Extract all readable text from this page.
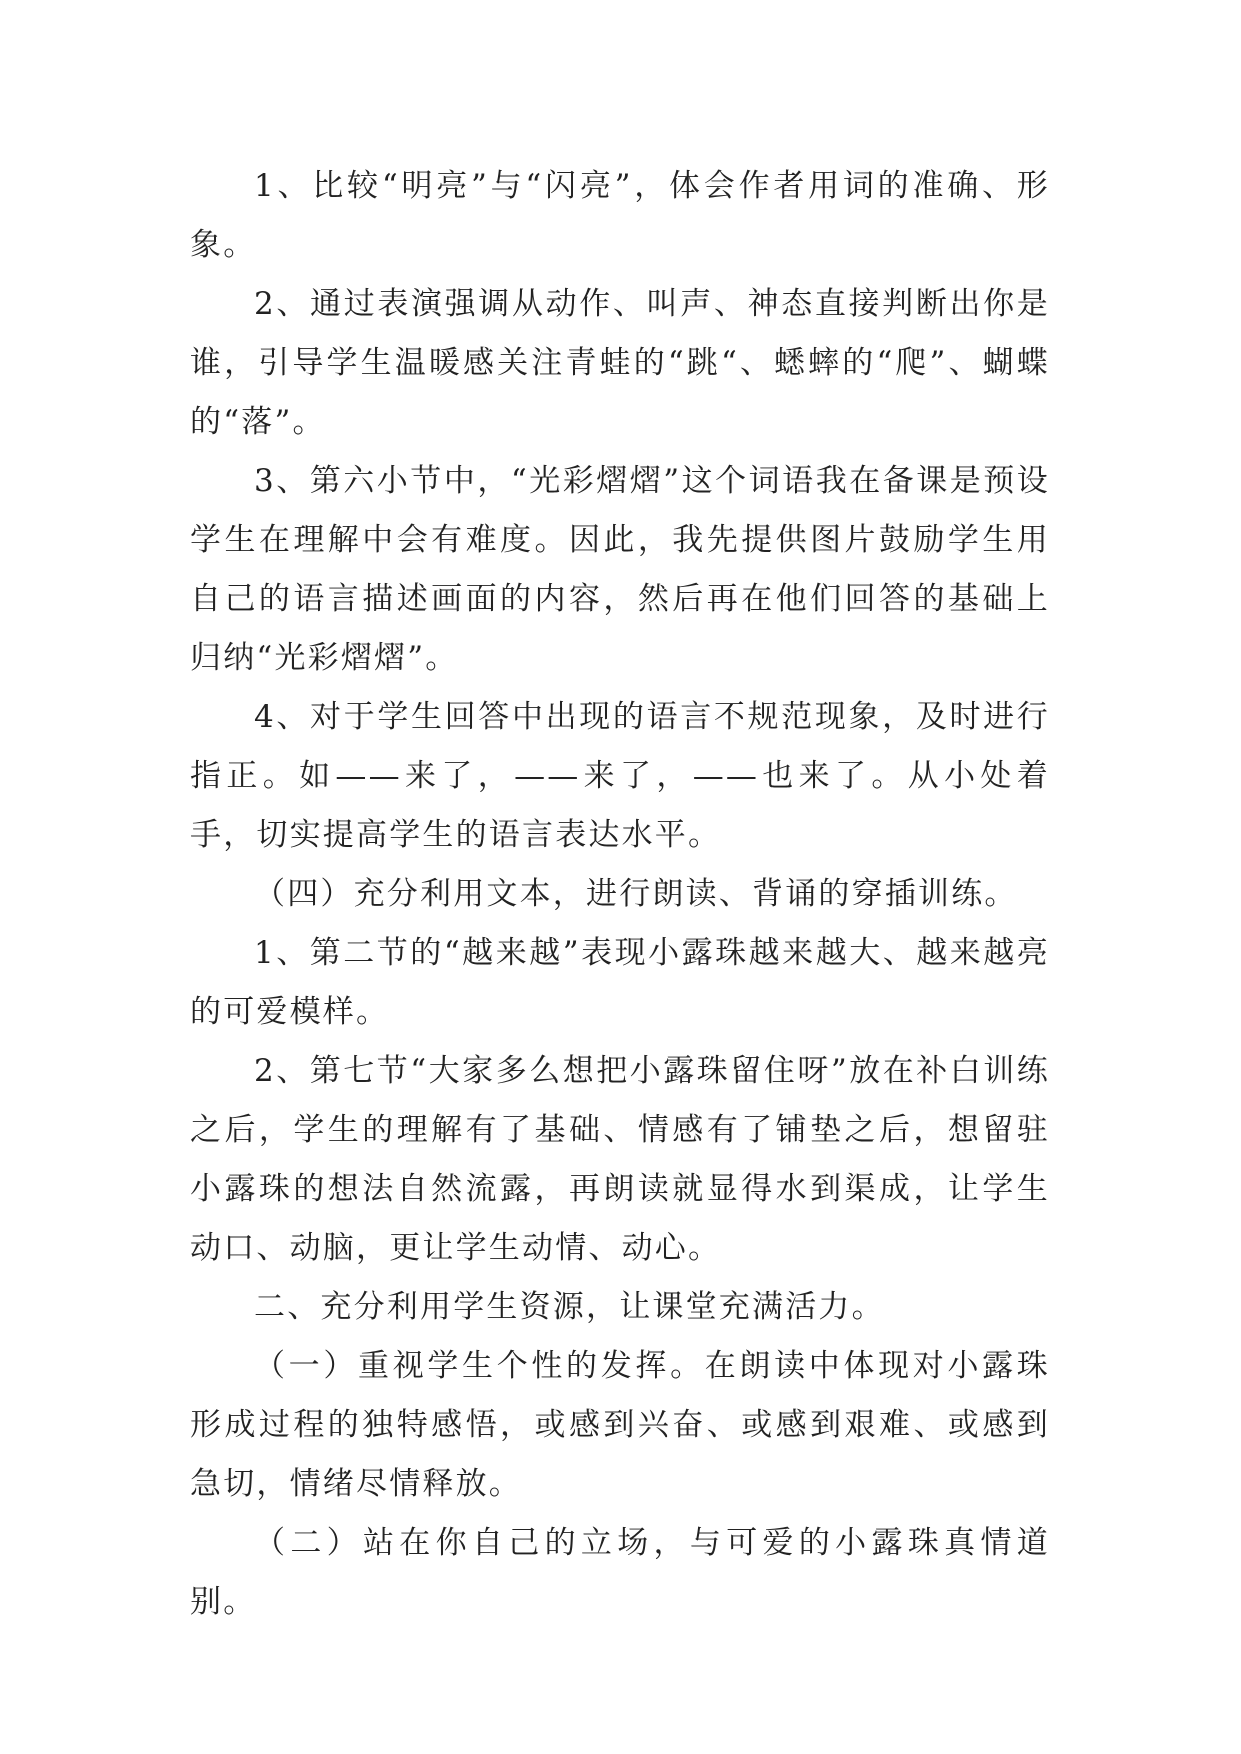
1、比较“明亮”与“闪亮”，体会作者用词的准确、形象。

2、通过表演强调从动作、叫声、神态直接判断出你是谁，引导学生温暖感关注青蛙的“跳“、蟋蟀的“爬”、蝴蝶的“落”。

3、第六小节中，“光彩熠熠”这个词语我在备课是预设学生在理解中会有难度。因此，我先提供图片鼓励学生用自己的语言描述画面的内容，然后再在他们回答的基础上归纳“光彩熠熠”。

4、对于学生回答中出现的语言不规范现象，及时进行指正。如——来了，——来了，——也来了。从小处着手，切实提高学生的语言表达水平。

（四）充分利用文本，进行朗读、背诵的穿插训练。

1、第二节的“越来越”表现小露珠越来越大、越来越亮的可爱模样。

2、第七节“大家多么想把小露珠留住呀”放在补白训练之后，学生的理解有了基础、情感有了铺垫之后，想留驻小露珠的想法自然流露，再朗读就显得水到渠成，让学生动口、动脑，更让学生动情、动心。

二、充分利用学生资源，让课堂充满活力。

（一）重视学生个性的发挥。在朗读中体现对小露珠形成过程的独特感悟，或感到兴奋、或感到艰难、或感到急切，情绪尽情释放。

（二）站在你自己的立场，与可爱的小露珠真情道别。
